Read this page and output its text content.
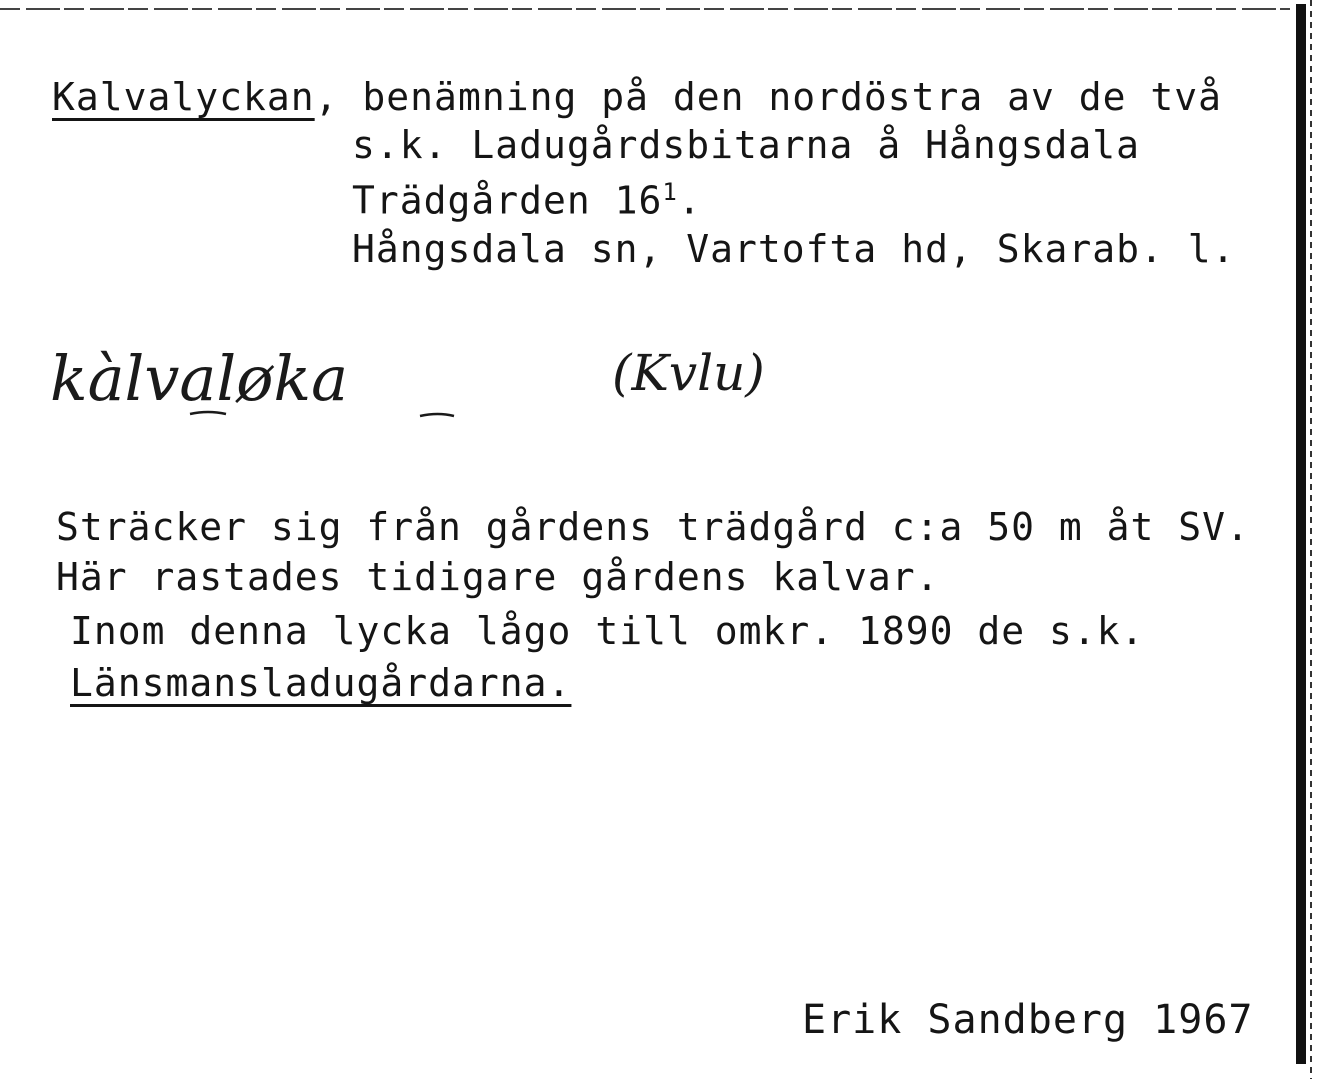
Kalvalyckan, benämning på den nordöstra av de två
s.k. Ladugårdsbitarna å Hångsdala
Trädgården $16^1$.
Hångsdala sn, Vartofta hd, Skarab. l.
kàlvaløka	(Kvlu)
Sträcker sig från gårdens trädgård c:a 50 m åt SV.
Här rastades tidigare gårdens kalvar.
Inom denna lycka lågo till omkr. 1890 de s.k.
Länsmansladugårdarna.
Erik Sandberg 1967
